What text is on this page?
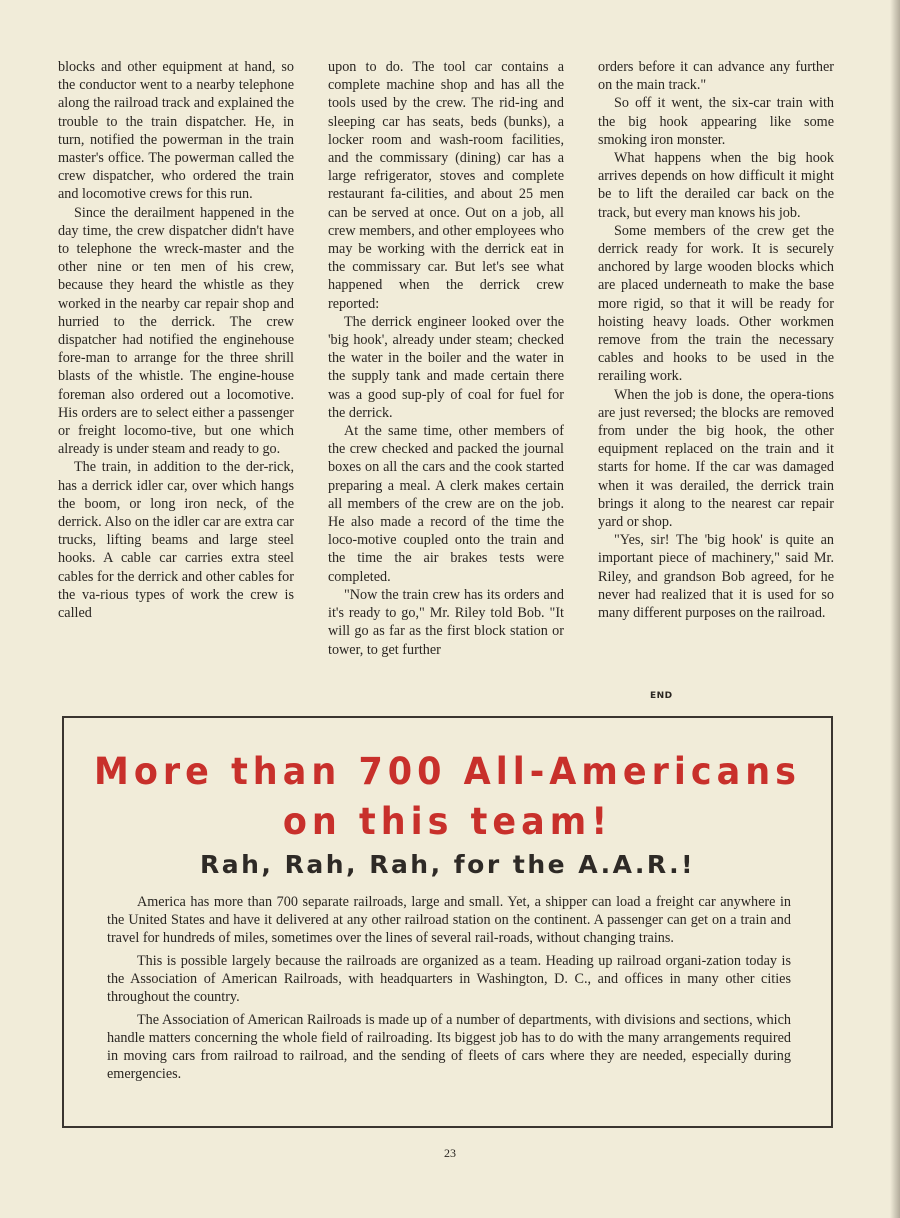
blocks and other equipment at hand, so the conductor went to a nearby telephone along the railroad track and explained the trouble to the train dispatcher. He, in turn, notified the powerman in the train master's office. The powerman called the crew dispatcher, who ordered the train and locomotive crews for this run.

Since the derailment happened in the day time, the crew dispatcher didn't have to telephone the wreck-master and the other nine or ten men of his crew, because they heard the whistle as they worked in the nearby car repair shop and hurried to the derrick. The crew dispatcher had notified the enginehouse fore-man to arrange for the three shrill blasts of the whistle. The engine-house foreman also ordered out a locomotive. His orders are to select either a passenger or freight locomo-tive, but one which already is under steam and ready to go.

The train, in addition to the der-rick, has a derrick idler car, over which hangs the boom, or long iron neck, of the derrick. Also on the idler car are extra car trucks, lifting beams and large steel hooks. A cable car carries extra steel cables for the derrick and other cables for the va-rious types of work the crew is called

upon to do. The tool car contains a complete machine shop and has all the tools used by the crew. The rid-ing and sleeping car has seats, beds (bunks), a locker room and wash-room facilities, and the commissary (dining) car has a large refrigerator, stoves and complete restaurant fa-cilities, and about 25 men can be served at once. Out on a job, all crew members, and other employees who may be working with the derrick eat in the commissary car. But let's see what happened when the derrick crew reported:

The derrick engineer looked over the 'big hook', already under steam; checked the water in the boiler and the water in the supply tank and made certain there was a good sup-ply of coal for fuel for the derrick.

At the same time, other members of the crew checked and packed the journal boxes on all the cars and the cook started preparing a meal. A clerk makes certain all members of the crew are on the job. He also made a record of the time the loco-motive coupled onto the train and the time the air brakes tests were completed.

"Now the train crew has its orders and it's ready to go," Mr. Riley told Bob. "It will go as far as the first block station or tower, to get further

orders before it can advance any further on the main track."

So off it went, the six-car train with the big hook appearing like some smoking iron monster.

What happens when the big hook arrives depends on how difficult it might be to lift the derailed car back on the track, but every man knows his job.

Some members of the crew get the derrick ready for work. It is securely anchored by large wooden blocks which are placed underneath to make the base more rigid, so that it will be ready for hoisting heavy loads. Other workmen remove from the train the necessary cables and hooks to be used in the rerailing work.

When the job is done, the opera-tions are just reversed; the blocks are removed from under the big hook, the other equipment replaced on the train and it starts for home. If the car was damaged when it was derailed, the derrick train brings it along to the nearest car repair yard or shop.

"Yes, sir! The 'big hook' is quite an important piece of machinery," said Mr. Riley, and grandson Bob agreed, for he never had realized that it is used for so many different purposes on the railroad.

END
More than 700 All-Americans
on this team!
Rah, Rah, Rah, for the A.A.R.!

America has more than 700 separate railroads, large and small. Yet, a shipper can load a freight car anywhere in the United States and have it delivered at any other railroad station on the continent. A passenger can get on a train and travel for hundreds of miles, sometimes over the lines of several rail-roads, without changing trains.

This is possible largely because the railroads are organized as a team. Heading up railroad organi-zation today is the Association of American Railroads, with headquarters in Washington, D. C., and offices in many other cities throughout the country.

The Association of American Railroads is made up of a number of departments, with divisions and sections, which handle matters concerning the whole field of railroading. Its biggest job has to do with the many arrangements required in moving cars from railroad to railroad, and the sending of fleets of cars where they are needed, especially during emergencies.

23
